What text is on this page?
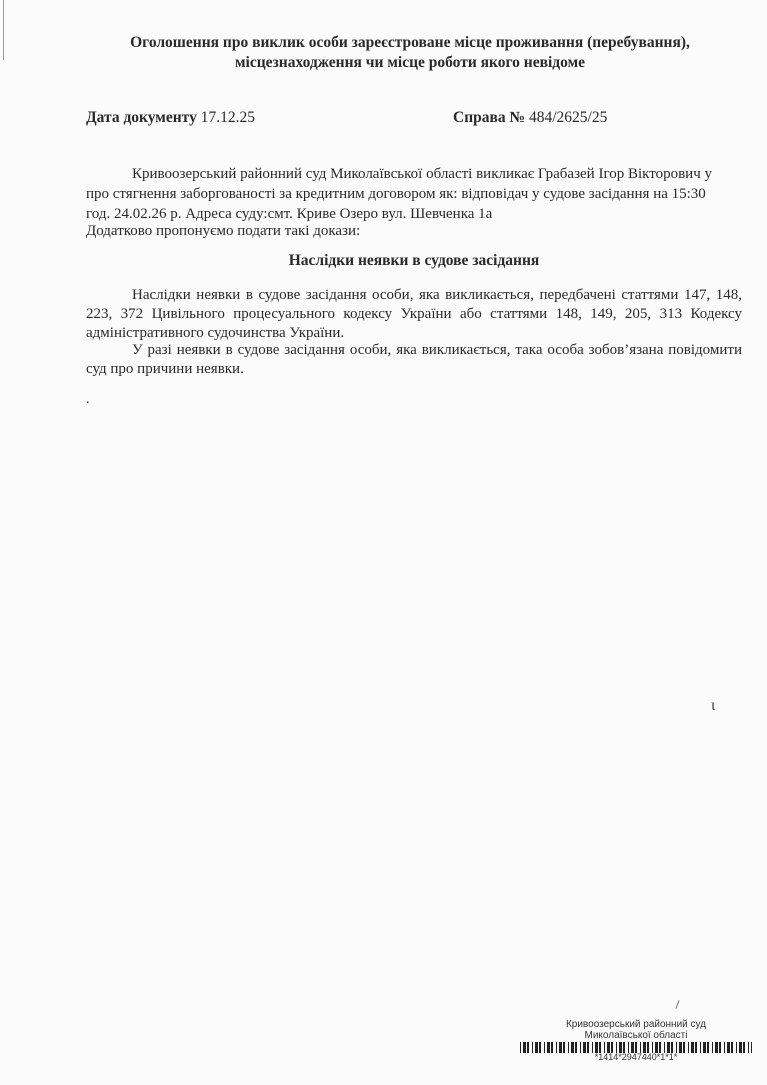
Оголошення про виклик особи зареєстроване місце проживання (перебування),
місцезнаходження чи місце роботи якого невідоме
Дата документу 17.12.25	Справа № 484/2625/25
Кривоозерський районний суд Миколаївської області викликає Грабазей Ігор Вікторович у
про стягнення заборгованості за кредитним договором як: відповідач у судове засідання на 15:30
год. 24.02.26 р. Адреса суду:смт. Криве Озеро вул. Шевченка 1а
Додатково пропонуємо подати такі докази:
Наслідки неявки в судове засідання
Наслідки неявки в судове засідання особи, яка викликається, передбачені статтями 147, 148, 223, 372 Цивільного процесуального кодексу України або статтями 148, 149, 205, 313 Кодексу адміністративного судочинства України.
У разі неявки в судове засідання особи, яка викликається, така особа зобов’язана повідомити суд про причини неявки.
.
ι
Кривоозерський районний суд
Миколаївської області
*1414*2947440*1*1*
